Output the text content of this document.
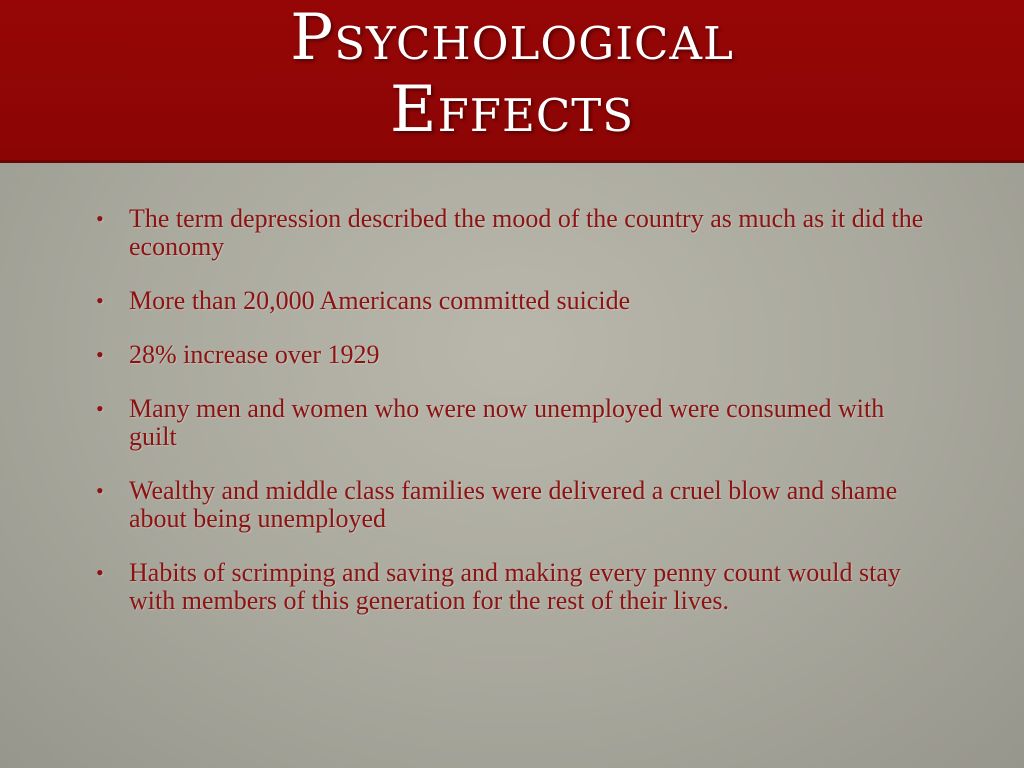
Psychological
Effects
• The term depression described the mood of the country as much as it did the economy
• More than 20,000 Americans committed suicide
• 28% increase over 1929
• Many men and women who were now unemployed were consumed with guilt
• Wealthy and middle class families were delivered a cruel blow and shame about being unemployed
• Habits of scrimping and saving and making every penny count would stay with members of this generation for the rest of their lives.
